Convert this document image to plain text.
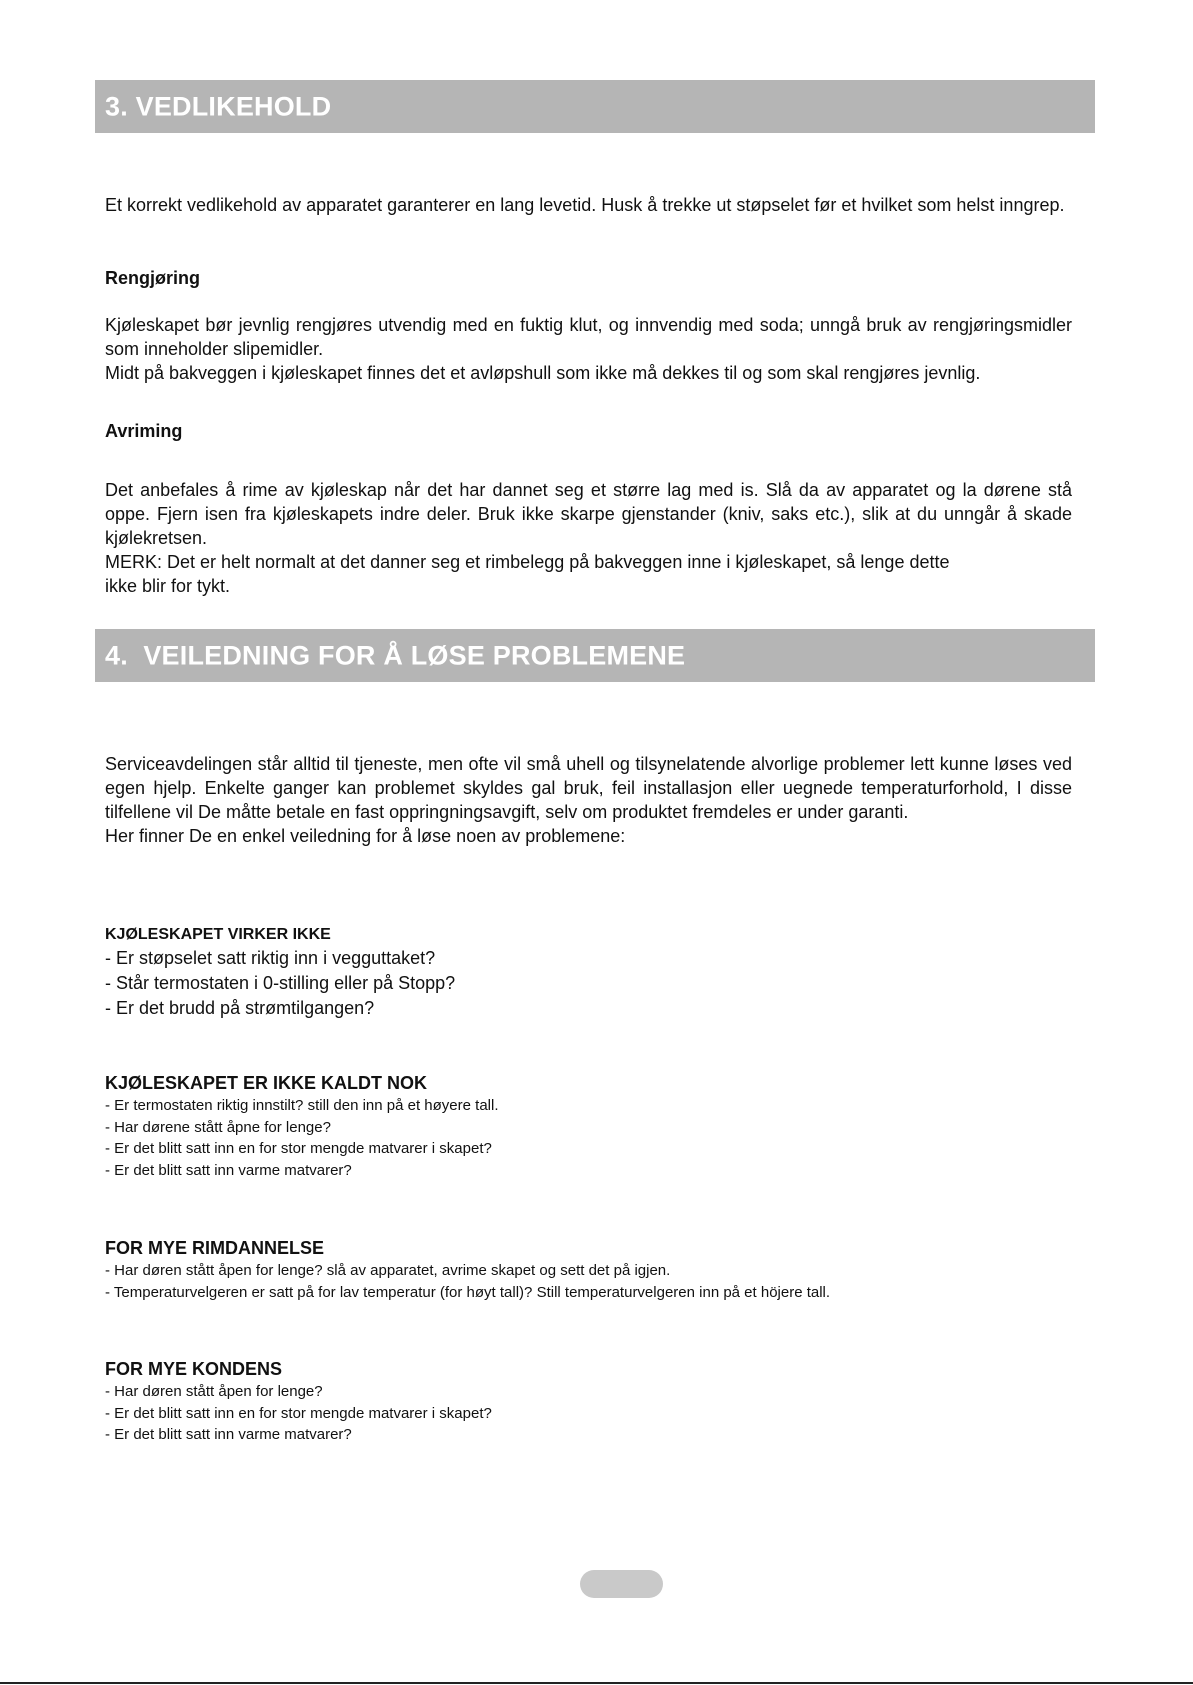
3. VEDLIKEHOLD

Et korrekt vedlikehold av apparatet garanterer en lang levetid. Husk å trekke ut støpselet før et hvilket som helst inngrep.

Rengjøring

Kjøleskapet bør jevnlig rengjøres utvendig med en fuktig klut, og innvendig med soda; unngå bruk av rengjøringsmidler som inneholder slipemidler.

Midt på bakveggen i kjøleskapet finnes det et avløpshull som ikke må dekkes til og som skal rengjøres jevnlig.

Avriming

Det anbefales å rime av kjøleskap når det har dannet seg et større lag med is. Slå da av apparatet og la dørene stå oppe. Fjern isen fra kjøleskapets indre deler. Bruk ikke skarpe gjenstander (kniv, saks etc.), slik at du unngår å skade kjølekretsen.

MERK: Det er helt normalt at det danner seg et rimbelegg på bakveggen inne i kjøleskapet, så lenge dette

ikke blir for tykt.

4.  VEILEDNING FOR Å LØSE PROBLEMENE

Serviceavdelingen står alltid til tjeneste, men ofte vil små uhell og tilsynelatende alvorlige problemer lett kunne løses ved egen hjelp. Enkelte ganger kan problemet skyldes gal bruk, feil installasjon eller uegnede temperaturforhold, I disse tilfellene vil De måtte betale en fast oppringningsavgift, selv om produktet fremdeles er under garanti.

Her finner De en enkel veiledning for å løse noen av problemene:

KJØLESKAPET VIRKER IKKE

- Er støpselet satt riktig inn i vegguttaket?

- Står termostaten i 0-stilling eller på Stopp?

- Er det brudd på strømtilgangen?

KJØLESKAPET ER IKKE KALDT NOK

- Er termostaten riktig innstilt? still den inn på et høyere tall.

- Har dørene stått åpne for lenge?

- Er det blitt satt inn en for stor mengde matvarer i skapet?

- Er det blitt satt inn varme matvarer?

FOR MYE RIMDANNELSE

- Har døren stått åpen for lenge? slå av apparatet, avrime skapet og sett det på igjen.

- Temperaturvelgeren er satt på for lav temperatur (for høyt tall)? Still temperaturvelgeren inn på et höjere tall.

FOR MYE KONDENS

- Har døren stått åpen for lenge?

- Er det blitt satt inn en for stor mengde matvarer i skapet?

- Er det blitt satt inn varme matvarer?
